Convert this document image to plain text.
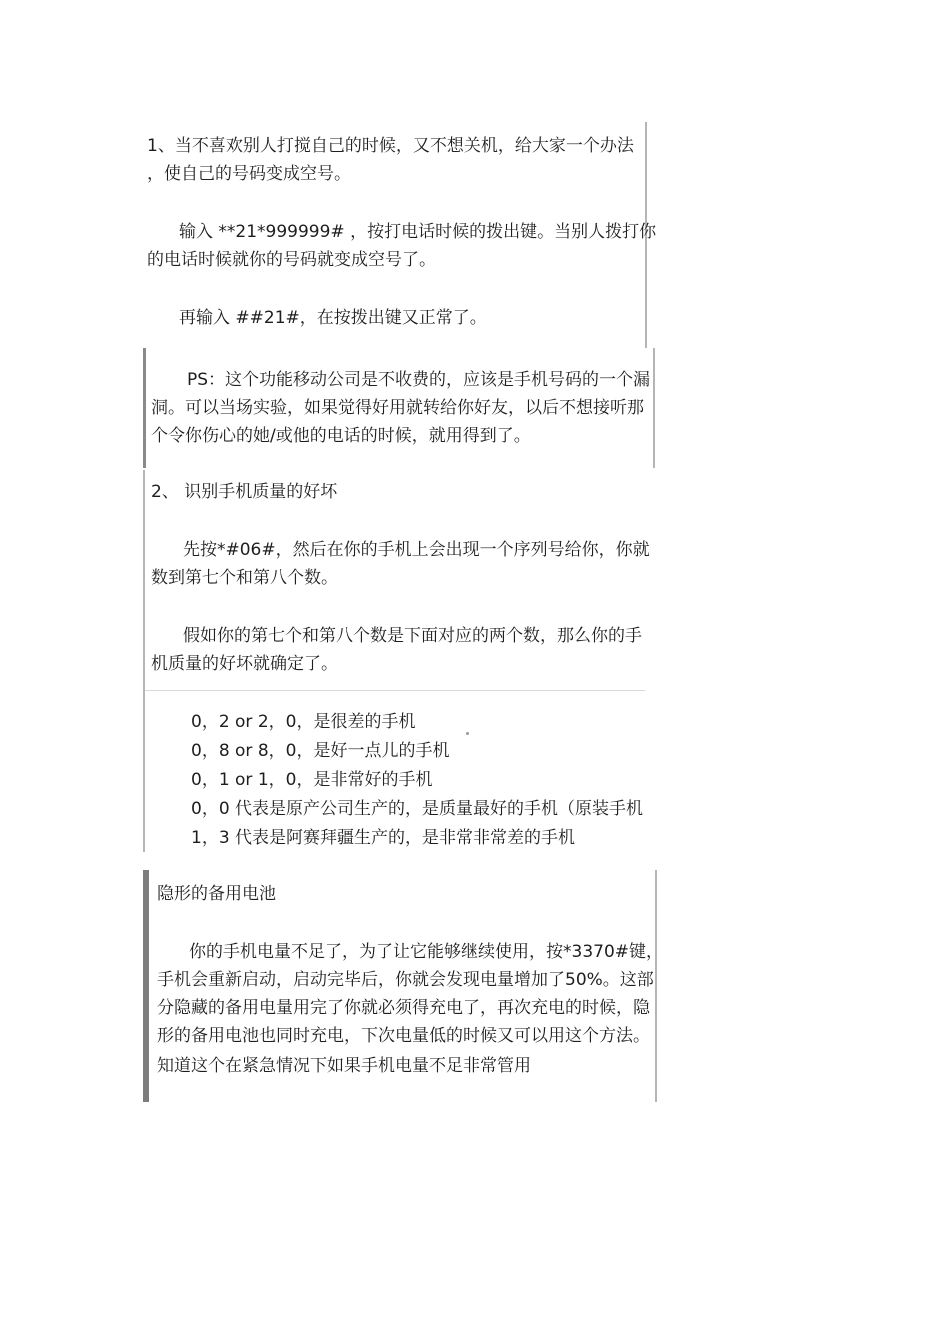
1、当不喜欢别人打搅自己的时候，又不想关机，给大家一个办法
，使自己的号码变成空号。
输入 **21*999999# ，按打电话时候的拨出键。当别人拨打你
的电话时候就你的号码就变成空号了。
再输入 ##21#，在按拨出键又正常了。
PS：这个功能移动公司是不收费的，应该是手机号码的一个漏
洞。可以当场实验，如果觉得好用就转给你好友，以后不想接听那
个令你伤心的她/或他的电话的时候，就用得到了。
2、 识别手机质量的好坏
先按*#06#，然后在你的手机上会出现一个序列号给你，你就
数到第七个和第八个数。
假如你的第七个和第八个数是下面对应的两个数，那么你的手
机质量的好坏就确定了。
0，2 or 2，0，是很差的手机
0，8 or 8，0，是好一点儿的手机
0，1 or 1，0，是非常好的手机
0，0 代表是原产公司生产的，是质量最好的手机（原装手机
1，3 代表是阿赛拜疆生产的，是非常非常差的手机
隐形的备用电池
你的手机电量不足了，为了让它能够继续使用，按*3370#键，
手机会重新启动，启动完毕后，你就会发现电量增加了50%。这部
分隐藏的备用电量用完了你就必须得充电了，再次充电的时候，隐
形的备用电池也同时充电，下次电量低的时候又可以用这个方法。
知道这个在紧急情况下如果手机电量不足非常管用
